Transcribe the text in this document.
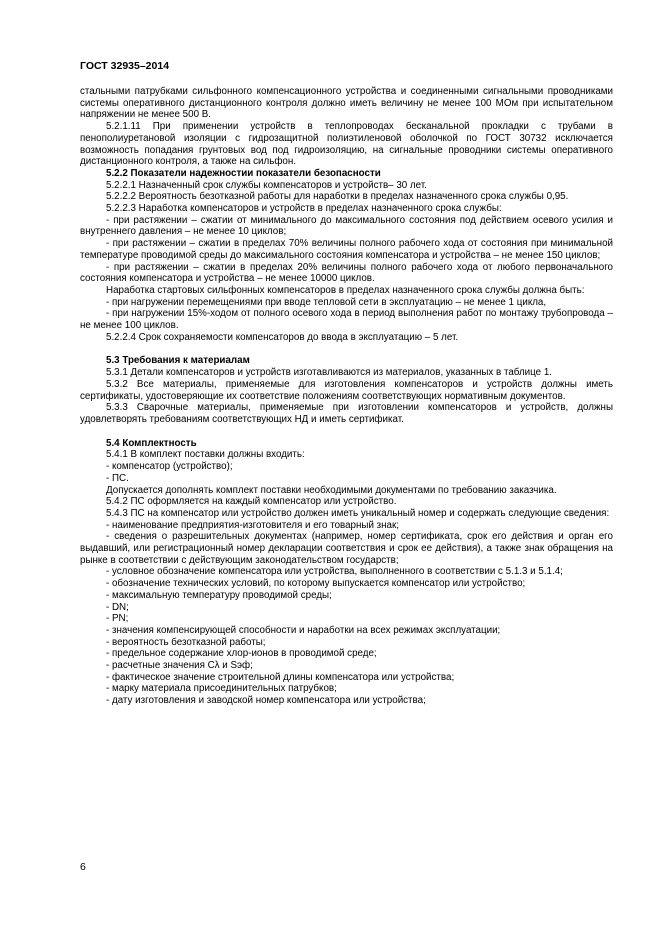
ГОСТ 32935–2014

стальными патрубками сильфонного компенсационного устройства и соединенными сигнальными проводниками системы оперативного дистанционного контроля должно иметь величину не менее 100 МОм при испытательном напряжении не менее 500 В.

5.2.1.11 При применении устройств в теплопроводах бесканальной прокладки с трубами в пенополиуретановой изоляции с гидрозащитной полиэтиленовой оболочкой по ГОСТ 30732 исключается возможность попадания грунтовых вод под гидроизоляцию, на сигнальные проводники системы оперативного дистанционного контроля, а также на сильфон.

5.2.2 Показатели надежностии показатели безопасности

5.2.2.1 Назначенный срок службы компенсаторов и устройств– 30 лет.

5.2.2.2 Вероятность безотказной работы для наработки в пределах назначенного срока службы 0,95.

5.2.2.3 Наработка компенсаторов и устройств в пределах назначенного срока службы:

- при растяжении – сжатии от минимального до максимального состояния под действием осевого усилия и внутреннего давления – не менее 10 циклов;

- при растяжении – сжатии в пределах 70% величины полного рабочего хода от состояния при минимальной температуре проводимой среды до максимального состояния компенсатора и устройства – не менее 150 циклов;

- при растяжении – сжатии в пределах 20% величины полного рабочего хода от любого первоначального состояния компенсатора и устройства – не менее 10000 циклов.

Наработка стартовых сильфонных компенсаторов в пределах назначенного срока службы должна быть:

- при нагружении перемещениями при вводе тепловой сети в эксплуатацию – не менее 1 цикла,

- при нагружении 15%-ходом от полного осевого хода в период выполнения работ по монтажу трубопровода – не менее 100 циклов.

5.2.2.4 Срок сохраняемости компенсаторов до ввода в эксплуатацию – 5 лет.

5.3 Требования к материалам

5.3.1 Детали компенсаторов и устройств изготавливаются из материалов, указанных в таблице 1.

5.3.2 Все материалы, применяемые для изготовления компенсаторов и устройств должны иметь сертификаты, удостоверяющие их соответствие положениям соответствующих нормативным документов.

5.3.3 Сварочные материалы, применяемые при изготовлении компенсаторов и устройств, должны удовлетворять требованиям соответствующих НД и иметь сертификат.

5.4 Комплектность

5.4.1 В комплект поставки должны входить:

- компенсатор (устройство);

- ПС.

Допускается дополнять комплект поставки необходимыми документами по требованию заказчика.

5.4.2 ПС оформляется на каждый компенсатор или устройство.

5.4.3 ПС на компенсатор или устройство должен иметь уникальный номер и содержать следующие сведения:

- наименование предприятия-изготовителя и его товарный знак;

- сведения о разрешительных документах (например, номер сертификата, срок его действия и орган его выдавший, или регистрационный номер декларации соответствия и срок ее действия), а также знак обращения на рынке в соответствии с действующим законодательством государств;

- условное обозначение компенсатора или устройства, выполненного в соответствии с 5.1.3 и 5.1.4;

- обозначение технических условий, по которому выпускается компенсатор или устройство;

- максимальную температуру проводимой среды;

- DN;

- PN;

- значения компенсирующей способности и наработки на всех режимах эксплуатации;

- вероятность безотказной работы;

- предельное содержание хлор-ионов в проводимой среде;

- расчетные значения Сλ и Sэф;

- фактическое значение строительной длины компенсатора или устройства;

- марку материала присоединительных патрубков;

- дату изготовления и заводской номер компенсатора или устройства;

6
